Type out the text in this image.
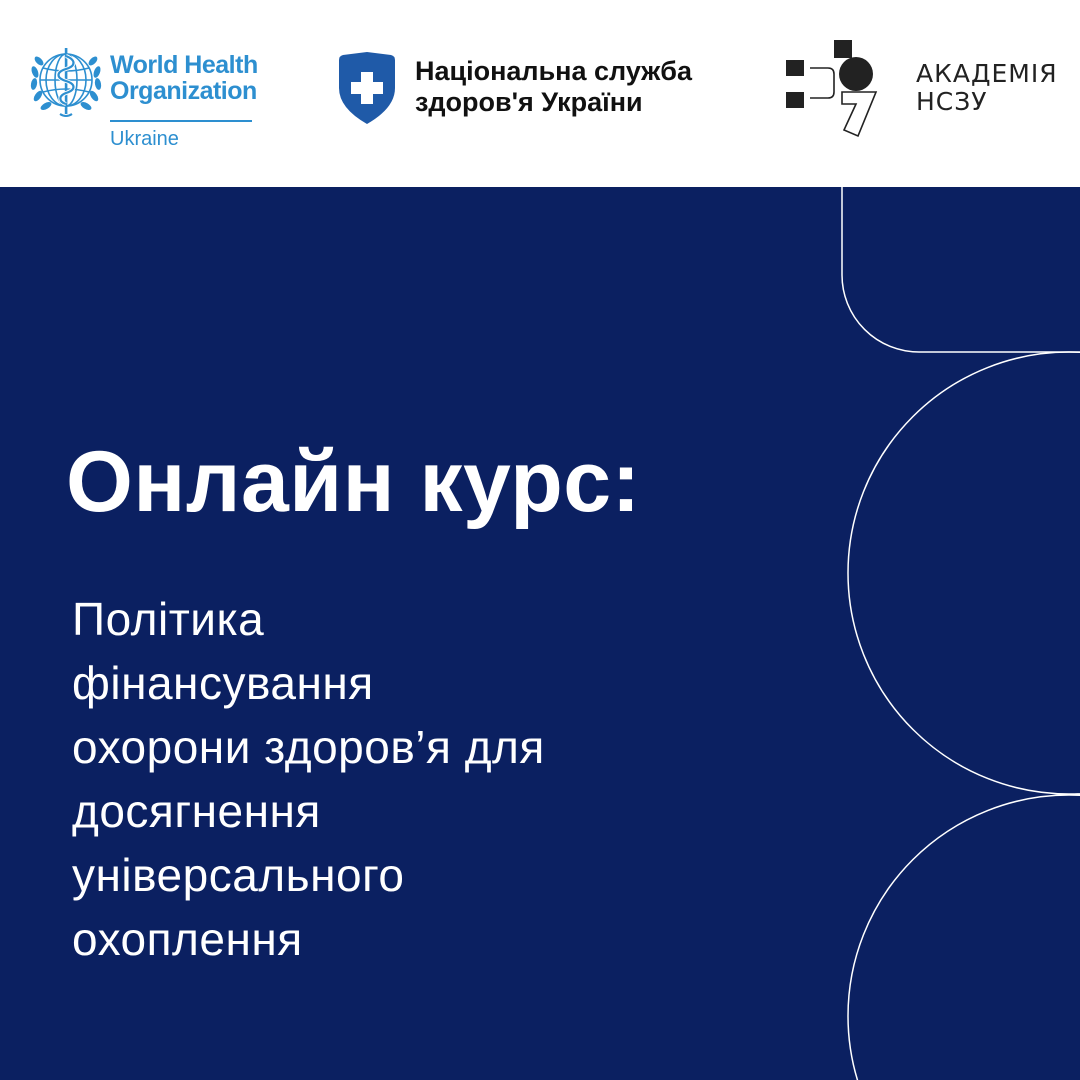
World Health
Organization
Ukraine
Національна служба
здоров'я України
АКАДЕМІЯ
НСЗУ
Онлайн курс:
Політика
фінансування
охорони здоров’я для
досягнення
універсального
охоплення
